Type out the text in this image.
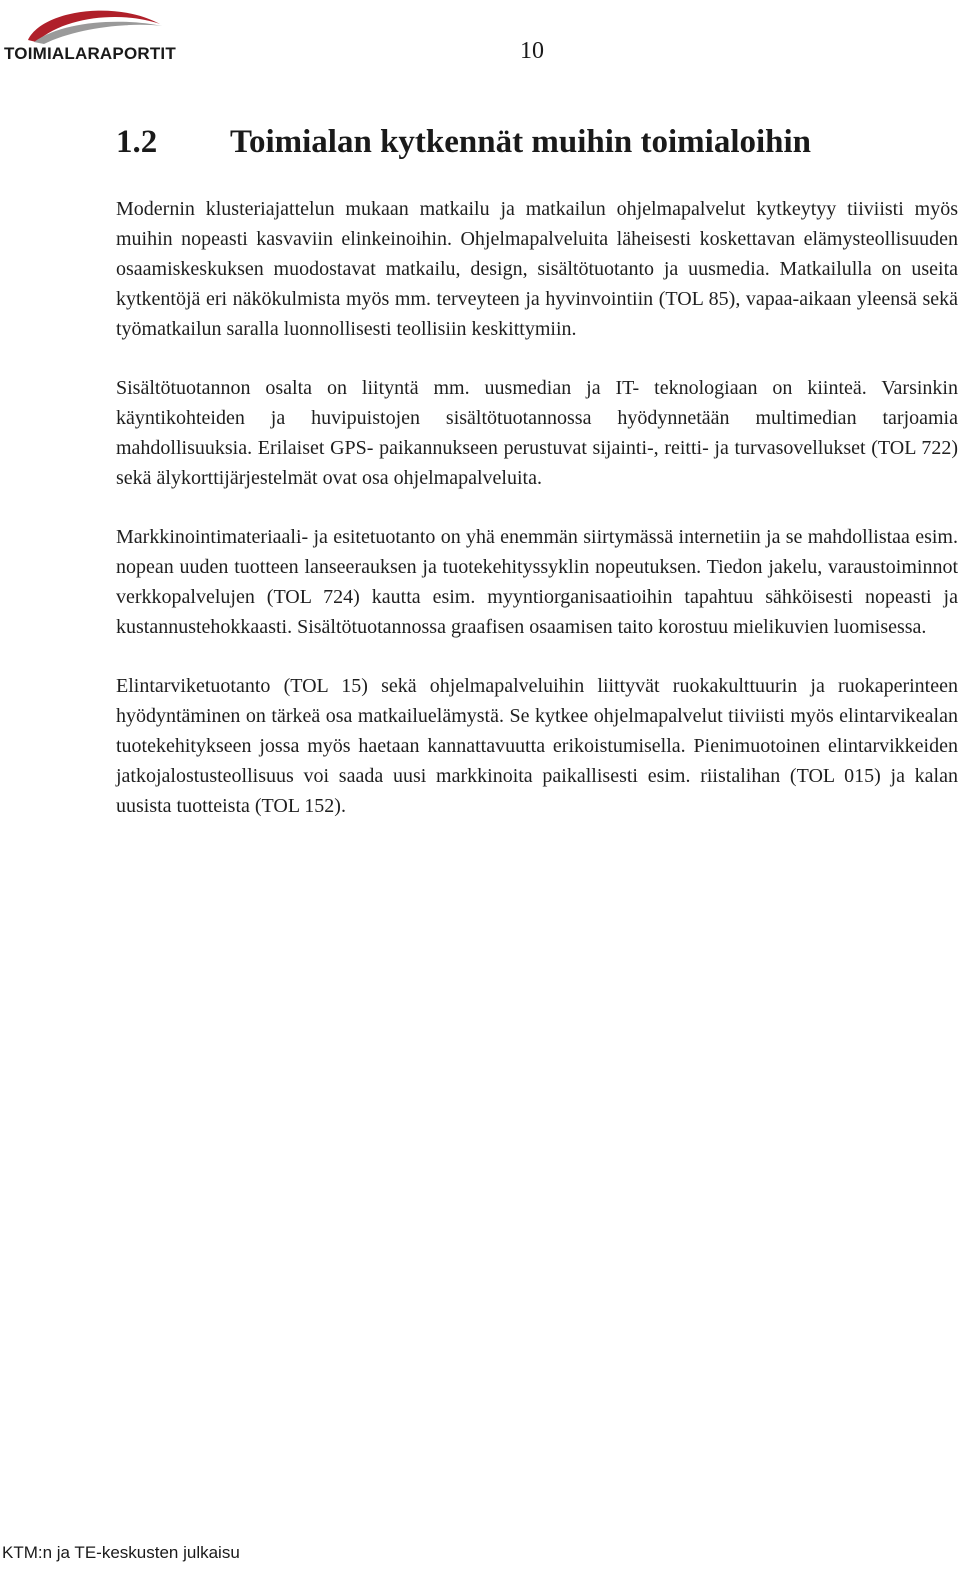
TOIMIALARAPORTIT	10
1.2 Toimialan kytkennät muihin toimialoihin

Modernin klusteriajattelun mukaan matkailu ja matkailun ohjelmapalvelut kytkeytyy tiiviisti myös muihin nopeasti kasvaviin elinkeinoihin. Ohjelmapalveluita läheisesti koskettavan elämysteollisuuden osaamiskeskuksen muodostavat matkailu, design, sisältötuotanto ja uusmedia. Matkailulla on useita kytkentöjä eri näkökulmista myös mm. terveyteen ja hyvinvointiin (TOL 85), vapaa-aikaan yleensä sekä työmatkailun saralla luonnollisesti teollisiin keskittymiin.

Sisältötuotannon osalta on liityntä mm. uusmedian ja IT- teknologiaan on kiinteä. Varsinkin käyntikohteiden ja huvipuistojen sisältötuotannossa hyödynnetään multimedian tarjoamia mahdollisuuksia. Erilaiset GPS- paikannukseen perustuvat sijainti-, reitti- ja turvasovellukset (TOL 722) sekä älykorttijärjestelmät ovat osa ohjelmapalveluita.

Markkinointimateriaali- ja esitetuotanto on yhä enemmän siirtymässä internetiin ja se mahdollistaa esim. nopean uuden tuotteen lanseerauksen ja tuotekehityssyklin nopeutuksen. Tiedon jakelu, varaustoiminnot verkkopalvelujen (TOL 724) kautta esim. myyntiorganisaatioihin tapahtuu sähköisesti nopeasti ja kustannustehokkaasti. Sisältötuotannossa graafisen osaamisen taito korostuu mielikuvien luomisessa.

Elintarviketuotanto (TOL 15) sekä ohjelmapalveluihin liittyvät ruokakulttuurin ja ruokaperinteen hyödyntäminen on tärkeä osa matkailuelämystä. Se kytkee ohjelmapalvelut tiiviisti myös elintarvikealan tuotekehitykseen jossa myös haetaan kannattavuutta erikoistumisella. Pienimuotoinen elintarvikkeiden jatkojalostusteollisuus voi saada uusi markkinoita paikallisesti esim. riistalihan (TOL 015) ja kalan uusista tuotteista (TOL 152).

KTM:n ja TE-keskusten julkaisu
